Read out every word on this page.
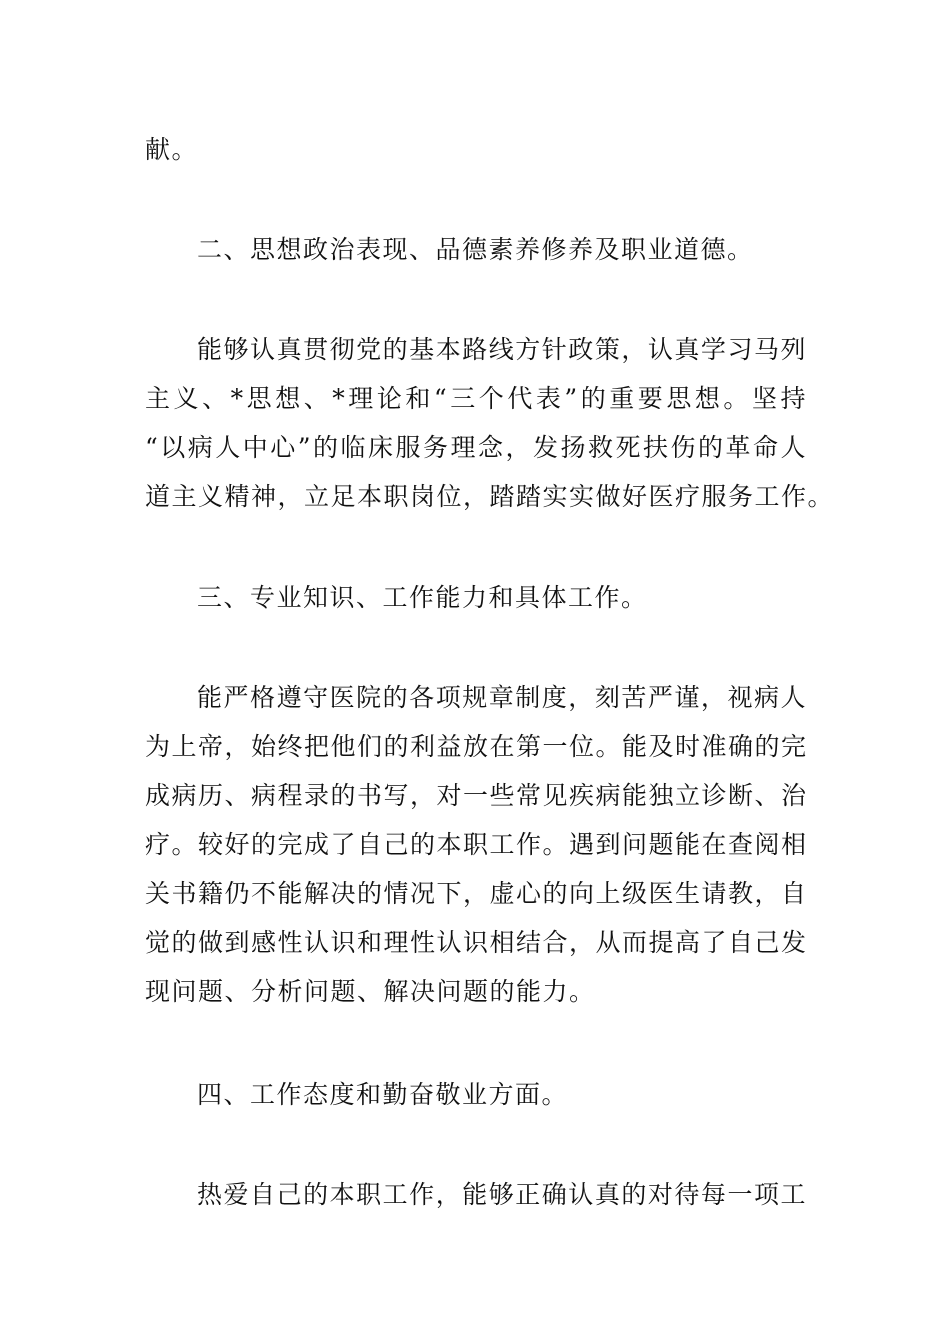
献。
二、思想政治表现、品德素养修养及职业道德。
能够认真贯彻党的基本路线方针政策，认真学习马列
主义、*思想、*理论和“三个代表”的重要思想。坚持
“以病人中心”的临床服务理念，发扬救死扶伤的革命人
道主义精神，立足本职岗位，踏踏实实做好医疗服务工作。
三、专业知识、工作能力和具体工作。
能严格遵守医院的各项规章制度，刻苦严谨，视病人
为上帝，始终把他们的利益放在第一位。能及时准确的完
成病历、病程录的书写，对一些常见疾病能独立诊断、治
疗。较好的完成了自己的本职工作。遇到问题能在查阅相
关书籍仍不能解决的情况下，虚心的向上级医生请教，自
觉的做到感性认识和理性认识相结合，从而提高了自己发
现问题、分析问题、解决问题的能力。
四、工作态度和勤奋敬业方面。
热爱自己的本职工作，能够正确认真的对待每一项工
